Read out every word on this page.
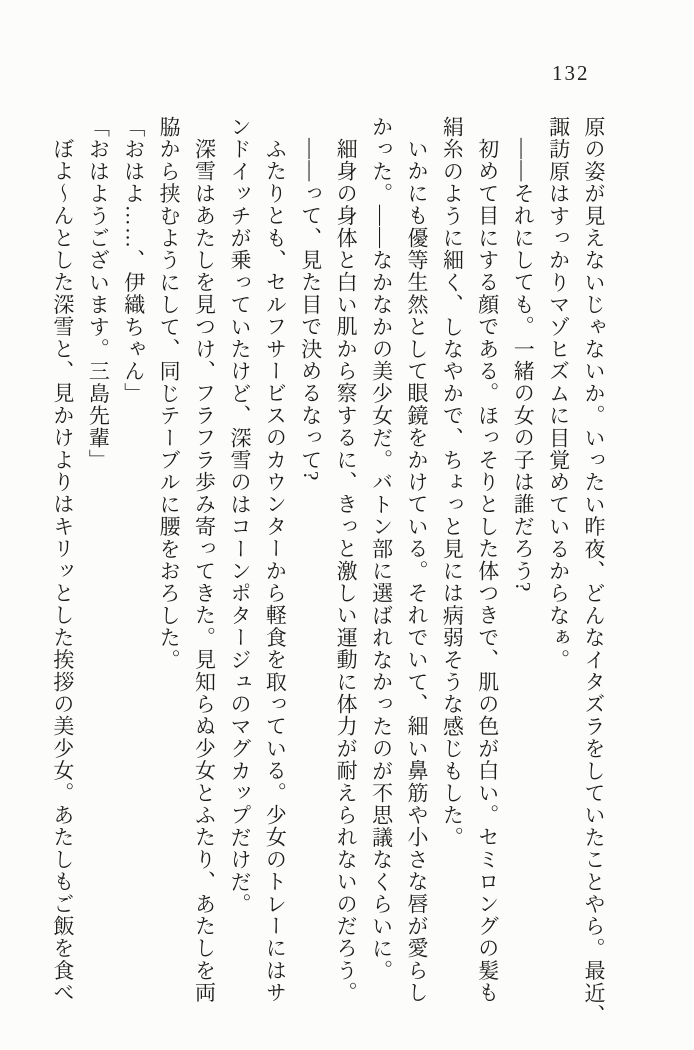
132

原の姿が見えないじゃないか。いったい昨夜、どんなイタズラをしていたことやら。最近、

諏訪原はすっかりマゾヒズムに目覚めているからなぁ。

——それにしても。一緒の女の子は誰だろう?

初めて目にする顔である。ほっそりとした体つきで、肌の色が白い。セミロングの髪も

絹糸のように細く、しなやかで、ちょっと見には病弱そうな感じもした。

いかにも優等生然として眼鏡をかけている。それでいて、細い鼻筋や小さな唇が愛らし

かった。——なかなかの美少女だ。バトン部に選ばれなかったのが不思議なくらいに。

細身の身体と白い肌から察するに、きっと激しい運動に体力が耐えられないのだろう。

——って、見た目で決めるなって?

ふたりとも、セルフサービスのカウンターから軽食を取っている。少女のトレーにはサ

ンドイッチが乗っていたけど、深雪のはコーンポタージュのマグカップだけだ。

深雪はあたしを見つけ、フラフラ歩み寄ってきた。見知らぬ少女とふたり、あたしを両

脇から挟むようにして、同じテーブルに腰をおろした。

「おはよ……、伊織ちゃん」

「おはようございます。三島先輩」

ぼよ〜んとした深雪と、見かけよりはキリッとした挨拶の美少女。あたしもご飯を食べ
